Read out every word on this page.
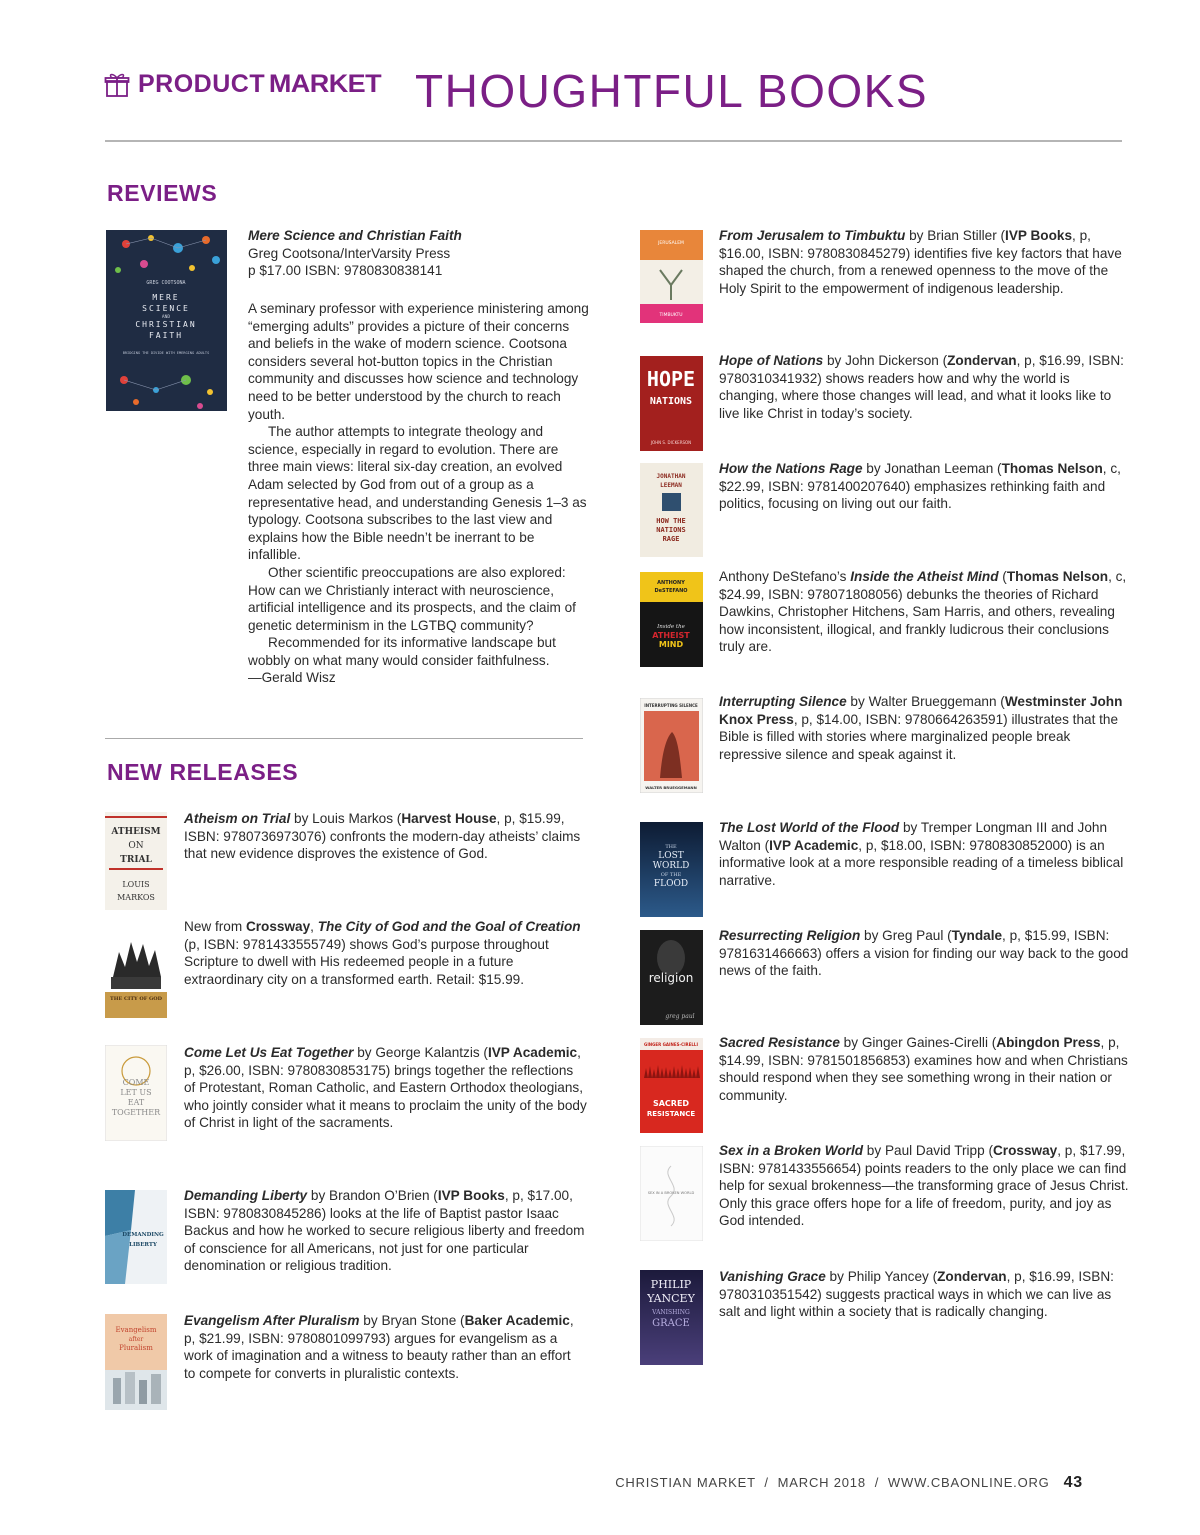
PRODUCT MARKET THOUGHTFUL BOOKS
REVIEWS
GREG COOTSONA
MERE
SCIENCE
AND
CHRISTIAN
FAITH
BRIDGING THE DIVIDE WITH EMERGING ADULTS
Mere Science and Christian Faith
Greg Cootsona/InterVarsity Press
p $17.00 ISBN: 9780830838141

A seminary professor with experience ministering among “emerging adults” provides a picture of their concerns and beliefs in the wake of modern science. Cootsona considers several hot-button topics in the Christian community and discusses how science and technology need to be better understood by the church to reach youth.

The author attempts to integrate theology and science, especially in regard to evolution. There are three main views: literal six-day creation, an evolved Adam selected by God from out of a group as a representative head, and understanding Genesis 1–3 as typology. Cootsona subscribes to the last view and explains how the Bible needn’t be inerrant to be infallible.

Other scientific preoccupations are also explored: How can we Christianly interact with neuroscience, artificial intelligence and its prospects, and the claim of genetic determinism in the LGTBQ community?

Recommended for its informative landscape but wobbly on what many would consider faithfulness.

—Gerald Wisz

NEW RELEASES
ATHEISM
ON
TRIAL
LOUIS
MARKOS
Atheism on Trial by Louis Markos (Harvest House, p, $15.99, ISBN: 9780736973076) confronts the modern-day atheists’ claims that new evidence disproves the existence of God.
THE CITY OF GOD
New from Crossway, The City of God and the Goal of Creation (p, ISBN: 9781433555749) shows God’s purpose throughout Scripture to dwell with His redeemed people in a future extraordinary city on a transformed earth. Retail: $15.99.
COME
LET US
EAT
TOGETHER
Come Let Us Eat Together by George Kalantzis (IVP Academic, p, $26.00, ISBN: 9780830853175) brings together the reflections of Protestant, Roman Catholic, and Eastern Orthodox theologians, who jointly consider what it means to proclaim the unity of the body of Christ in light of the sacraments.
DEMANDING
LIBERTY
Demanding Liberty by Brandon O’Brien (IVP Books, p, $17.00, ISBN: 9780830845286) looks at the life of Baptist pastor Isaac Backus and how he worked to secure religious liberty and freedom of conscience for all Americans, not just for one particular denomination or religious tradition.
Evangelism
after
Pluralism
Evangelism After Pluralism by Bryan Stone (Baker Academic, p, $21.99, ISBN: 9780801099793) argues for evangelism as a work of imagination and a witness to beauty rather than an effort to compete for converts in pluralistic contexts.
JERUSALEM
TIMBUKTU
From Jerusalem to Timbuktu by Brian Stiller (IVP Books, p, $16.00, ISBN: 9780830845279) identifies five key factors that have shaped the church, from a renewed openness to the move of the Holy Spirit to the empowerment of indigenous leadership.
HOPE
NATIONS
JOHN S. DICKERSON
Hope of Nations by John Dickerson (Zondervan, p, $16.99, ISBN: 9780310341932) shows readers how and why the world is changing, where those changes will lead, and what it looks like to live like Christ in today’s society.
JONATHAN
LEEMAN
HOW THE
NATIONS
RAGE
How the Nations Rage by Jonathan Leeman (Thomas Nelson, c, $22.99, ISBN: 9781400207640) emphasizes rethinking faith and politics, focusing on living out our faith.
ANTHONY
DeSTEFANO
Inside the
ATHEIST
MIND
Anthony DeStefano’s Inside the Atheist Mind (Thomas Nelson, c, $24.99, ISBN: 978071808056) debunks the theories of Richard Dawkins, Christopher Hitchens, Sam Harris, and others, revealing how inconsistent, illogical, and frankly ludicrous their conclusions truly are.
INTERRUPTING SILENCE
WALTER BRUEGGEMANN
Interrupting Silence by Walter Brueggemann (Westminster John Knox Press, p, $14.00, ISBN: 9780664263591) illustrates that the Bible is filled with stories where marginalized people break repressive silence and speak against it.
THE
LOST
WORLD
OF THE
FLOOD
The Lost World of the Flood by Tremper Longman III and John Walton (IVP Academic, p, $18.00, ISBN: 9780830852000) is an informative look at a more responsible reading of a timeless biblical narrative.
religion
greg paul
Resurrecting Religion by Greg Paul (Tyndale, p, $15.99, ISBN: 9781631466663) offers a vision for finding our way back to the good news of the faith.
GINGER GAINES-CIRELLI
SACRED
RESISTANCE
Sacred Resistance by Ginger Gaines-Cirelli (Abingdon Press, p, $14.99, ISBN: 9781501856853) examines how and when Christians should respond when they see something wrong in their nation or community.
SEX IN A BROKEN WORLD
Sex in a Broken World by Paul David Tripp (Crossway, p, $17.99, ISBN: 9781433556654) points readers to the only place we can find help for sexual brokenness—the transforming grace of Jesus Christ. Only this grace offers hope for a life of freedom, purity, and joy as God intended.
PHILIP
YANCEY
VANISHING
GRACE
Vanishing Grace by Philip Yancey (Zondervan, p, $16.99, ISBN: 9780310351542) suggests practical ways in which we can live as salt and light within a society that is radically changing.
CHRISTIAN MARKET  /  MARCH 2018  /  WWW.CBAONLINE.ORG 43
